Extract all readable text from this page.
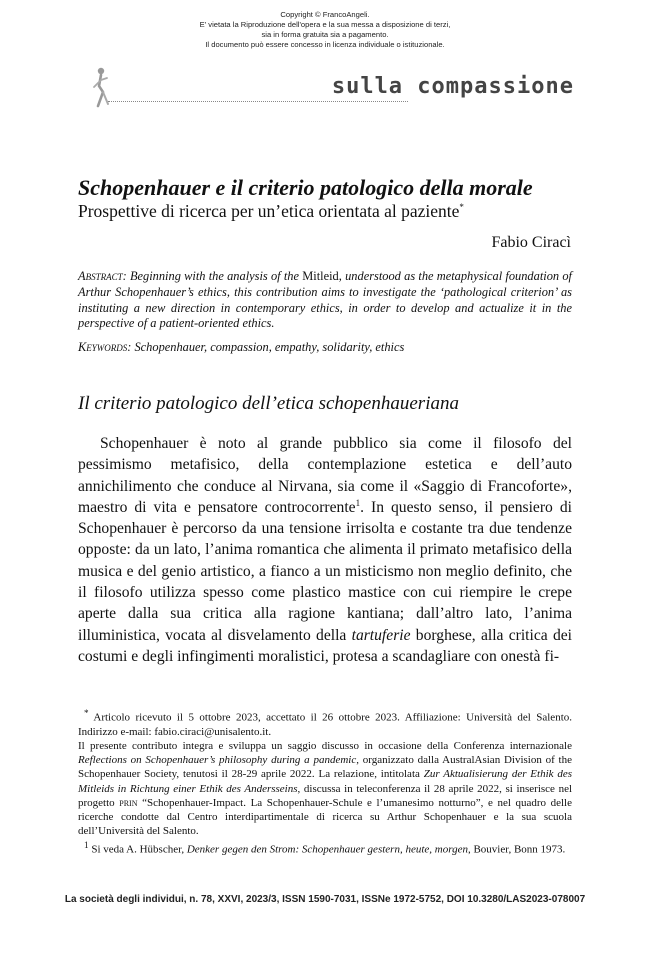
Copyright © FrancoAngeli.
E' vietata la Riproduzione dell'opera e la sua messa a disposizione di terzi,
sia in forma gratuita sia a pagamento.
Il documento può essere concesso in licenza individuale o istituzionale.
sulla compassione
Schopenhauer e il criterio patologico della morale
Prospettive di ricerca per un’etica orientata al paziente*
Fabio Ciracì
Abstract: Beginning with the analysis of the Mitleid, understood as the metaphysical foundation of Arthur Schopenhauer’s ethics, this contribution aims to investigate the ‘pathological criterion’ as instituting a new direction in contemporary ethics, in order to develop and actualize it in the perspective of a patient-oriented ethics.
Keywords: Schopenhauer, compassion, empathy, solidarity, ethics
Il criterio patologico dell’etica schopenhaueriana
Schopenhauer è noto al grande pubblico sia come il filosofo del pessimismo metafisico, della contemplazione estetica e dell’auto annichilimento che conduce al Nirvana, sia come il «Saggio di Francoforte», maestro di vita e pensatore controcorrente$^1$. In questo senso, il pensiero di Schopenhauer è percorso da una tensione irrisolta e costante tra due tendenze opposte: da un lato, l’anima romantica che alimenta il primato metafisico della musica e del genio artistico, a fianco a un misticismo non meglio definito, che il filosofo utilizza spesso come plastico mastice con cui riempire le crepe aperte dalla sua critica alla ragione kantiana; dall’altro lato, l’anima illuministica, vocata al disvelamento della tartuferie borghese, alla critica dei costumi e degli infingimenti moralistici, protesa a scandagliare con onestà fi-

* Articolo ricevuto il 5 ottobre 2023, accettato il 26 ottobre 2023. Affiliazione: Università del Salento. Indirizzo e-mail: fabio.ciraci@unisalento.it.

Il presente contributo integra e sviluppa un saggio discusso in occasione della Conferenza internazionale Reflections on Schopenhauer’s philosophy during a pandemic, organizzato dalla AustralAsian Division of the Schopenhauer Society, tenutosi il 28-29 aprile 2022. La relazione, intitolata Zur Aktualisierung der Ethik des Mitleids in Richtung einer Ethik des Andersseins, discussa in teleconferenza il 28 aprile 2022, si inserisce nel progetto prin “Schopenhauer-Impact. La Schopenhauer-Schule e l’umanesimo notturno”, e nel quadro delle ricerche condotte dal Centro interdipartimentale di ricerca su Arthur Schopenhauer e la sua scuola dell’Università del Salento.

$^1$ Si veda A. Hübscher, Denker gegen den Strom: Schopenhauer gestern, heute, morgen, Bouvier, Bonn 1973.

La società degli individui, n. 78, XXVI, 2023/3, ISSN 1590-7031, ISSNe 1972-5752, DOI 10.3280/LAS2023-078007
